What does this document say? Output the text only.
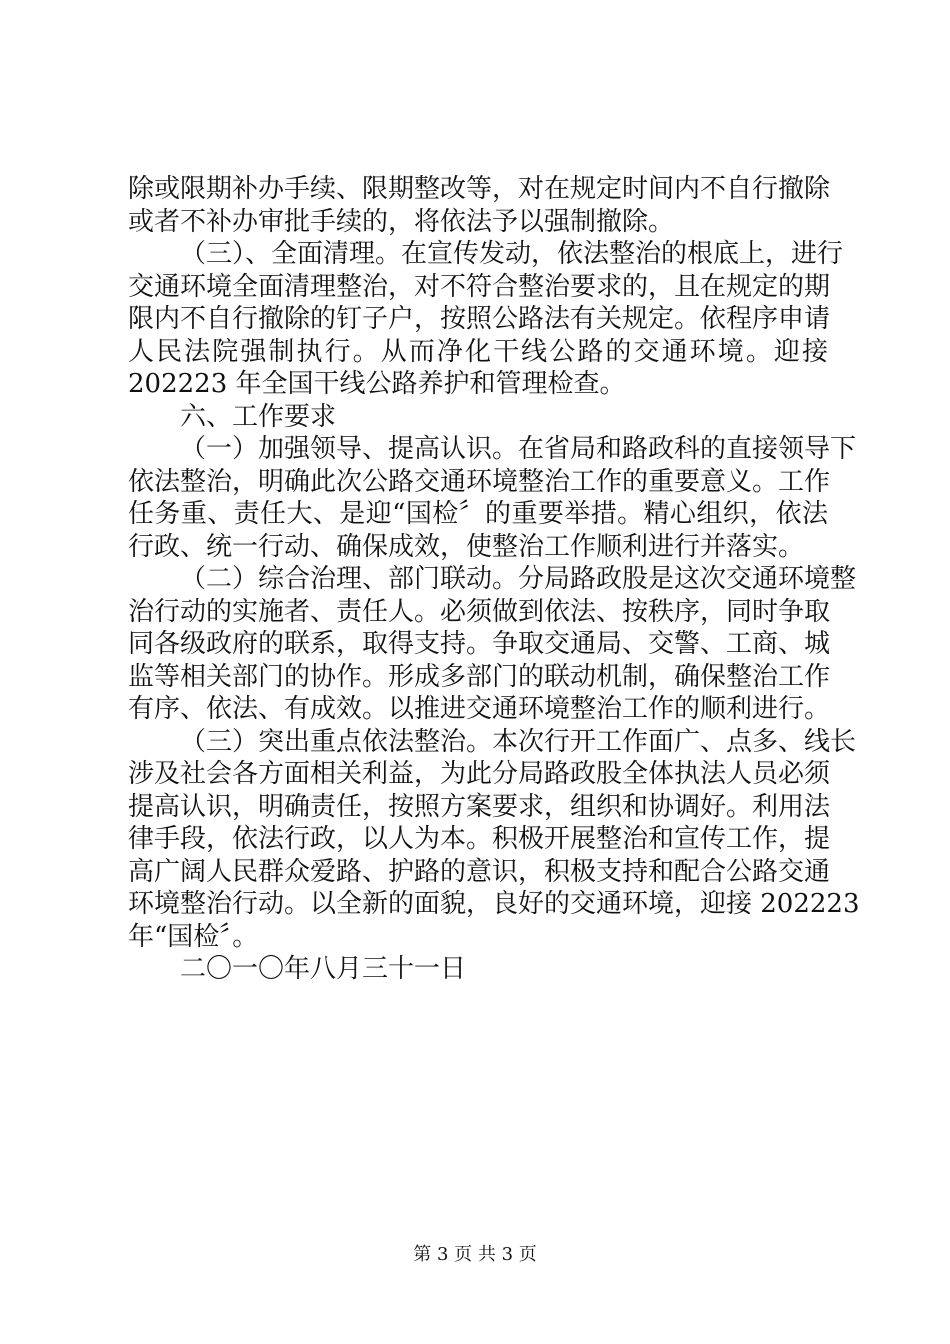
除或限期补办手续、限期整改等，对在规定时间内不自行撤除
或者不补办审批手续的，将依法予以强制撤除。
（三）、全面清理。在宣传发动，依法整治的根底上，进行
交通环境全面清理整治，对不符合整治要求的，且在规定的期
限内不自行撤除的钉子户，按照公路法有关规定。依程序申请
人民法院强制执行。从而净化干线公路的交通环境。迎接
202223 年全国干线公路养护和管理检查。
六、工作要求
（一）加强领导、提高认识。在省局和路政科的直接领导下
依法整治，明确此次公路交通环境整治工作的重要意义。工作
任务重、责任大、是迎“国检〞的重要举措。精心组织，依法
行政、统一行动、确保成效，使整治工作顺利进行并落实。
（二）综合治理、部门联动。分局路政股是这次交通环境整
治行动的实施者、责任人。必须做到依法、按秩序，同时争取
同各级政府的联系，取得支持。争取交通局、交警、工商、城
监等相关部门的协作。形成多部门的联动机制，确保整治工作
有序、依法、有成效。以推进交通环境整治工作的顺利进行。
（三）突出重点依法整治。本次行开工作面广、点多、线长
涉及社会各方面相关利益，为此分局路政股全体执法人员必须
提高认识，明确责任，按照方案要求，组织和协调好。利用法
律手段，依法行政，以人为本。积极开展整治和宣传工作，提
高广阔人民群众爱路、护路的意识，积极支持和配合公路交通
环境整治行动。以全新的面貌，良好的交通环境，迎接 202223
年“国检〞。
二〇一〇年八月三十一日
第 3 页 共 3 页
